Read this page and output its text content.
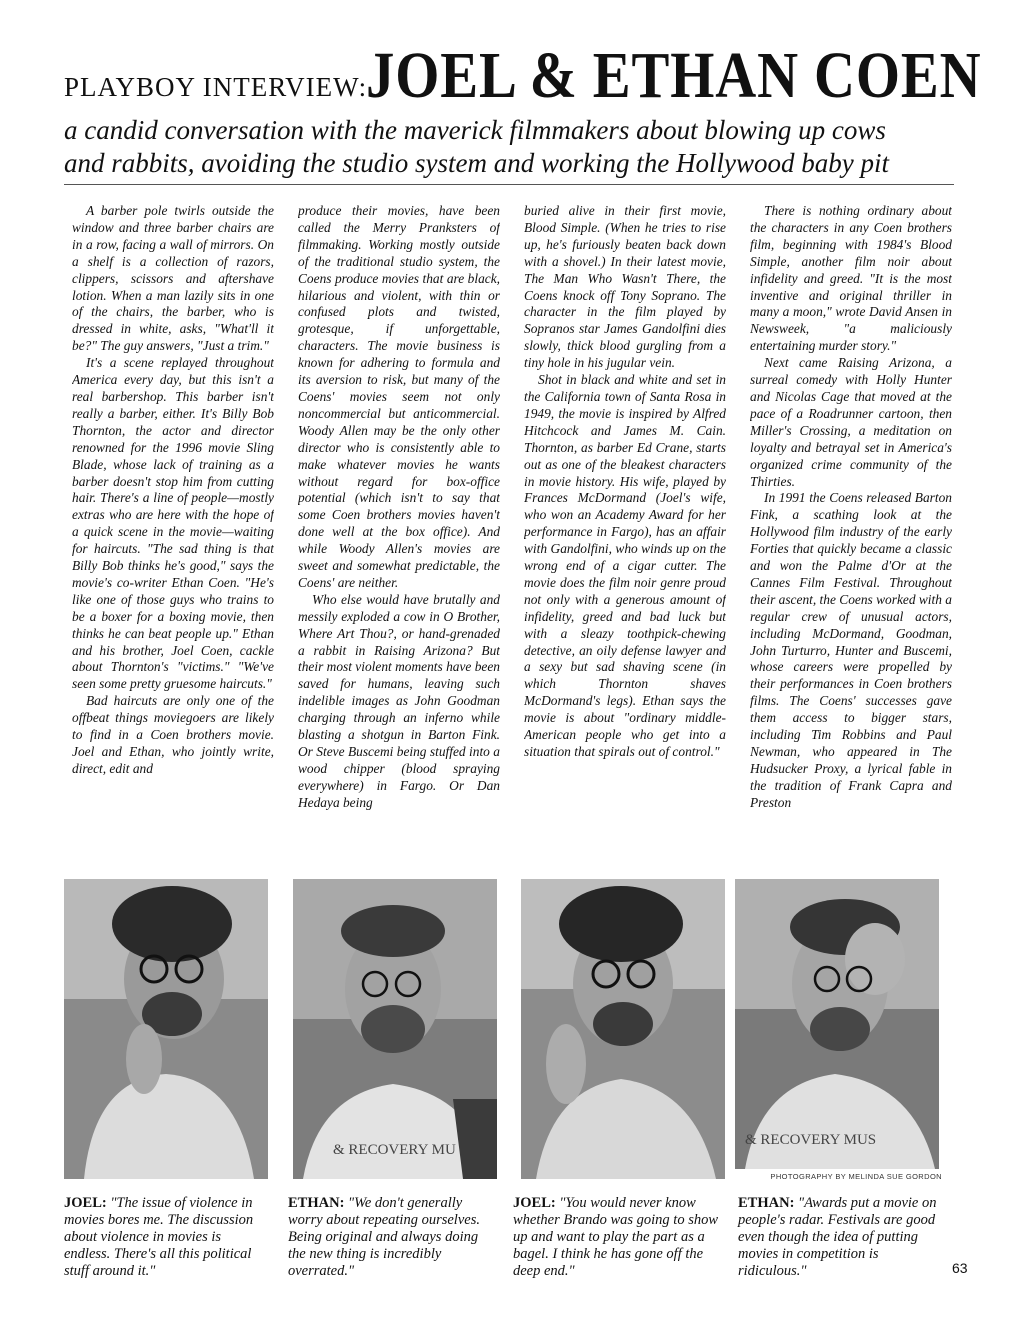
PLAYBOY INTERVIEW:
JOEL & ETHAN COEN
a candid conversation with the maverick filmmakers about blowing up cows
and rabbits, avoiding the studio system and working the Hollywood baby pit

A barber pole twirls outside the window and three barber chairs are in a row, facing a wall of mirrors. On a shelf is a collection of razors, clippers, scissors and aftershave lotion. When a man lazily sits in one of the chairs, the barber, who is dressed in white, asks, "What'll it be?" The guy answers, "Just a trim."

It's a scene replayed throughout America every day, but this isn't a real barbershop. This barber isn't really a barber, either. It's Billy Bob Thornton, the actor and director renowned for the 1996 movie Sling Blade, whose lack of training as a barber doesn't stop him from cutting hair. There's a line of people—mostly extras who are here with the hope of a quick scene in the movie—waiting for haircuts. "The sad thing is that Billy Bob thinks he's good," says the movie's co-writer Ethan Coen. "He's like one of those guys who trains to be a boxer for a boxing movie, then thinks he can beat people up." Ethan and his brother, Joel Coen, cackle about Thornton's "victims." "We've seen some pretty gruesome haircuts."

Bad haircuts are only one of the offbeat things moviegoers are likely to find in a Coen brothers movie. Joel and Ethan, who jointly write, direct, edit and

produce their movies, have been called the Merry Pranksters of filmmaking. Working mostly outside of the traditional studio system, the Coens produce movies that are black, hilarious and violent, with thin or confused plots and twisted, grotesque, if unforgettable, characters. The movie business is known for adhering to formula and its aversion to risk, but many of the Coens' movies seem not only noncommercial but anticommercial. Woody Allen may be the only other director who is consistently able to make whatever movies he wants without regard for box-office potential (which isn't to say that some Coen brothers movies haven't done well at the box office). And while Woody Allen's movies are sweet and somewhat predictable, the Coens' are neither.

Who else would have brutally and messily exploded a cow in O Brother, Where Art Thou?, or hand-grenaded a rabbit in Raising Arizona? But their most violent moments have been saved for humans, leaving such indelible images as John Goodman charging through an inferno while blasting a shotgun in Barton Fink. Or Steve Buscemi being stuffed into a wood chipper (blood spraying everywhere) in Fargo. Or Dan Hedaya being

buried alive in their first movie, Blood Simple. (When he tries to rise up, he's furiously beaten back down with a shovel.) In their latest movie, The Man Who Wasn't There, the Coens knock off Tony Soprano. The character in the film played by Sopranos star James Gandolfini dies slowly, thick blood gurgling from a tiny hole in his jugular vein.

Shot in black and white and set in the California town of Santa Rosa in 1949, the movie is inspired by Alfred Hitchcock and James M. Cain. Thornton, as barber Ed Crane, starts out as one of the bleakest characters in movie history. His wife, played by Frances McDormand (Joel's wife, who won an Academy Award for her performance in Fargo), has an affair with Gandolfini, who winds up on the wrong end of a cigar cutter. The movie does the film noir genre proud not only with a generous amount of infidelity, greed and bad luck but with a sleazy toothpick-chewing detective, an oily defense lawyer and a sexy but sad shaving scene (in which Thornton shaves McDormand's legs). Ethan says the movie is about "ordinary middle-American people who get into a situation that spirals out of control."

There is nothing ordinary about the characters in any Coen brothers film, beginning with 1984's Blood Simple, another film noir about infidelity and greed. "It is the most inventive and original thriller in many a moon," wrote David Ansen in Newsweek, "a maliciously entertaining murder story."

Next came Raising Arizona, a surreal comedy with Holly Hunter and Nicolas Cage that moved at the pace of a Roadrunner cartoon, then Miller's Crossing, a meditation on loyalty and betrayal set in America's organized crime community of the Thirties.

In 1991 the Coens released Barton Fink, a scathing look at the Hollywood film industry of the early Forties that quickly became a classic and won the Palme d'Or at the Cannes Film Festival. Throughout their ascent, the Coens worked with a regular crew of unusual actors, including McDormand, Goodman, John Turturro, Hunter and Buscemi, whose careers were propelled by their performances in Coen brothers films. The Coens' successes gave them access to bigger stars, including Tim Robbins and Paul Newman, who appeared in The Hudsucker Proxy, a lyrical fable in the tradition of Frank Capra and Preston

& RECOVERY MU
& RECOVERY MUS
PHOTOGRAPHY BY MELINDA SUE GORDON
JOEL: "The issue of violence in movies bores me. The discussion about violence in movies is endless. There's all this political stuff around it."
ETHAN: "We don't generally worry about repeating ourselves. Being original and always doing the new thing is incredibly overrated."
JOEL: "You would never know whether Brando was going to show up and want to play the part as a bagel. I think he has gone off the deep end."
ETHAN: "Awards put a movie on people's radar. Festivals are good even though the idea of putting movies in competition is ridiculous."	63
